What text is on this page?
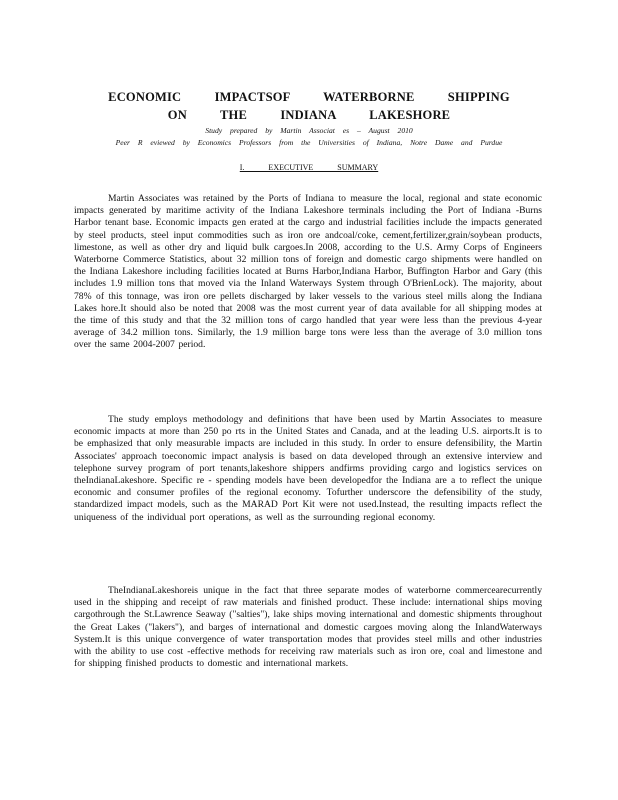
ECONOMIC IMPACTSOF WATERBORNE SHIPPING
ON THE INDIANA LAKESHORE
Study prepared by Martin Associat es – August 2010
Peer R eviewed by Economics Professors from the Universities of Indiana, Notre Dame and Purdue
I. EXECUTIVE SUMMARY

Martin Associates was retained by the Ports of Indiana to measure the local, regional and state economic impacts generated by maritime activity of the Indiana Lakeshore terminals including the Port of Indiana -Burns Harbor tenant base. Economic impacts gen erated at the cargo and industrial facilities include the impacts generated by steel products, steel input commodities such as iron ore andcoal/coke, cement,fertilizer,grain/soybean products, limestone, as well as other dry and liquid bulk cargoes.In 2008, according to the U.S. Army Corps of Engineers Waterborne Commerce Statistics, about 32 million tons of foreign and domestic cargo shipments were handled on the Indiana Lakeshore including facilities located at Burns Harbor,Indiana Harbor, Buffington Harbor and Gary (this includes 1.9 million tons that moved via the Inland Waterways System through O'BrienLock). The majority, about 78% of this tonnage, was iron ore pellets discharged by laker vessels to the various steel mills along the Indiana Lakes hore.It should also be noted that 2008 was the most current year of data available for all shipping modes at the time of this study and that the 32 million tons of cargo handled that year were less than the previous 4-year average of 34.2 million tons. Similarly, the 1.9 million barge tons were less than the average of 3.0 million tons over the same 2004-2007 period.

The study employs methodology and definitions that have been used by Martin Associates to measure economic impacts at more than 250 po rts in the United States and Canada, and at the leading U.S. airports.It is to be emphasized that only measurable impacts are included in this study. In order to ensure defensibility, the Martin Associates' approach toeconomic impact analysis is based on data developed through an extensive interview and telephone survey program of port tenants,lakeshore shippers andfirms providing cargo and logistics services on theIndianaLakeshore. Specific re - spending models have been developedfor the Indiana are a to reflect the unique economic and consumer profiles of the regional economy. Tofurther underscore the defensibility of the study, standardized impact models, such as the MARAD Port Kit were not used.Instead, the resulting impacts reflect the uniqueness of the individual port operations, as well as the surrounding regional economy.

TheIndianaLakeshoreis unique in the fact that three separate modes of waterborne commercearecurrently used in the shipping and receipt of raw materials and finished product. These include: international ships moving cargothrough the St.Lawrence Seaway ("salties"), lake ships moving international and domestic shipments throughout the Great Lakes ("lakers"), and barges of international and domestic cargoes moving along the InlandWaterways System.It is this unique convergence of water transportation modes that provides steel mills and other industries with the ability to use cost -effective methods for receiving raw materials such as iron ore, coal and limestone and for shipping finished products to domestic and international markets.
